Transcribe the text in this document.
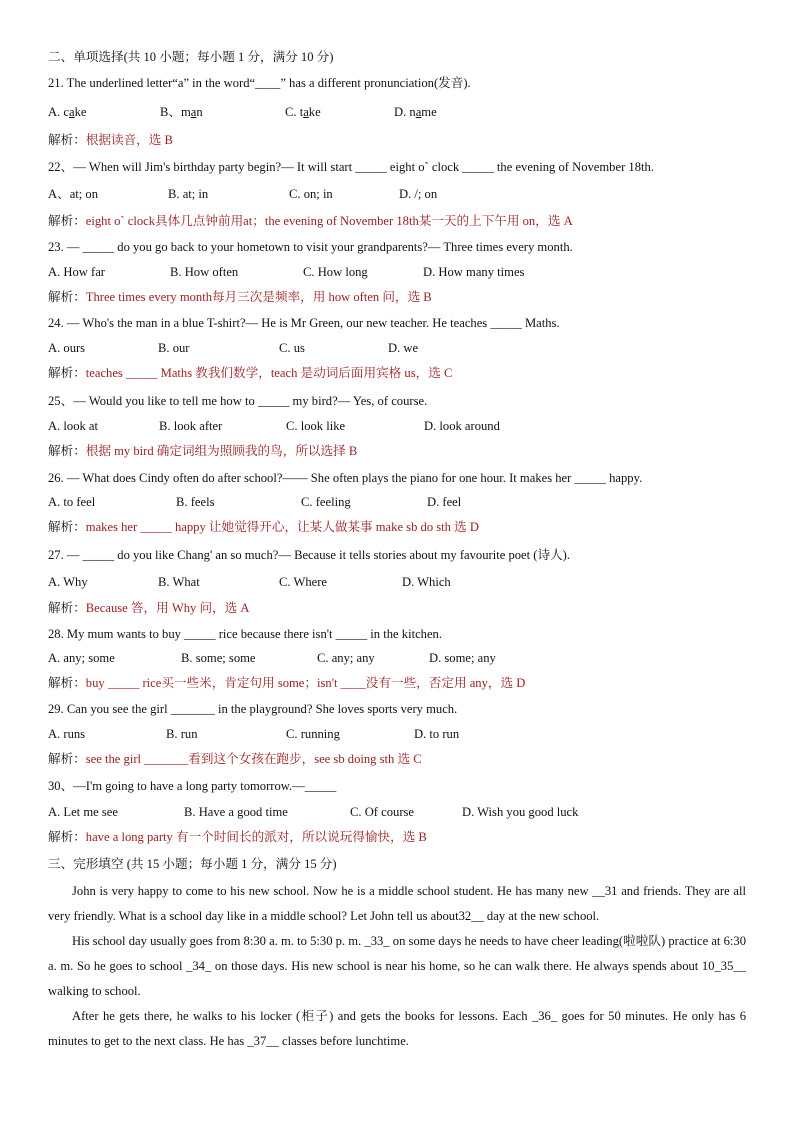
二、单项选择(共 10 小题；每小题 1 分，满分 10 分)
21. The underlined letter“a” in the word“____” has a different pronunciation(发音).
A. cake	B、man	C. take	D. name
解析：根据读音，选 B
22、— When will Jim's birthday party begin?— It will start _____ eight o` clock _____ the evening of November 18th.
A、at; on	B. at; in	C. on; in	D. /; on
解析：eight o` clock具体几点钟前用at；the evening of November 18th某一天的上下午用 on，选 A
23. — _____ do you go back to your hometown to visit your grandparents?— Three times every month.
A. How far	B. How often	C. How long	D. How many times
解析：Three times every month每月三次是频率，用 how often 问，选 B
24. — Who's the man in a blue T-shirt?— He is Mr Green, our new teacher. He teaches _____ Maths.
A. ours	B. our	C. us	D. we
解析：teaches _____ Maths 教我们数学，teach 是动词后面用宾格 us，选 C
25、— Would you like to tell me how to _____ my bird?— Yes, of course.
A. look at	B. look after	C. look like	D. look around
解析：根据 my bird 确定词组为照顾我的鸟，所以选择 B
26. — What does Cindy often do after school?—— She often plays the piano for one hour. It makes her _____ happy.
A. to feel	B. feels	C. feeling	D. feel
解析：makes her _____ happy 让她觉得开心，让某人做某事 make sb do sth 选 D
27. — _____ do you like Chang' an so much?— Because it tells stories about my favourite poet (诗人).
A. Why	B. What	C. Where	D. Which
解析：Because 答，用 Why 问，选 A
28. My mum wants to buy _____ rice because there isn't _____ in the kitchen.
A. any; some	B. some; some	C. any; any	D. some; any
解析：buy _____ rice买一些米，肯定句用 some；isn't ____没有一些，否定用 any，选 D
29. Can you see the girl _______ in the playground? She loves sports very much.
A. runs	B. run	C. running	D. to run
解析：see the girl _______看到这个女孩在跑步，see sb doing sth 选 C
30、—I'm going to have a long party tomorrow.—_____
A. Let me see	B. Have a good time	C. Of course	D. Wish you good luck
解析：have a long party 有一个时间长的派对，所以说玩得愉快，选 B
三、完形填空 (共 15 小题；每小题 1 分，满分 15 分)

John is very happy to come to his new school. Now he is a middle school student. He has many new __31 and friends. They are all very friendly. What is a school day like in a middle school? Let John tell us about32__ day at the new school.

His school day usually goes from 8:30 a. m. to 5:30 p. m. _33_ on some days he needs to have cheer leading(啦啦队) practice at 6:30 a. m. So he goes to school _34_ on those days. His new school is near his home, so he can walk there. He always spends about 10_35__ walking to school.

After he gets there, he walks to his locker (柜子) and gets the books for lessons. Each _36_ goes for 50 minutes. He only has 6 minutes to get to the next class. He has _37__ classes before lunchtime.
